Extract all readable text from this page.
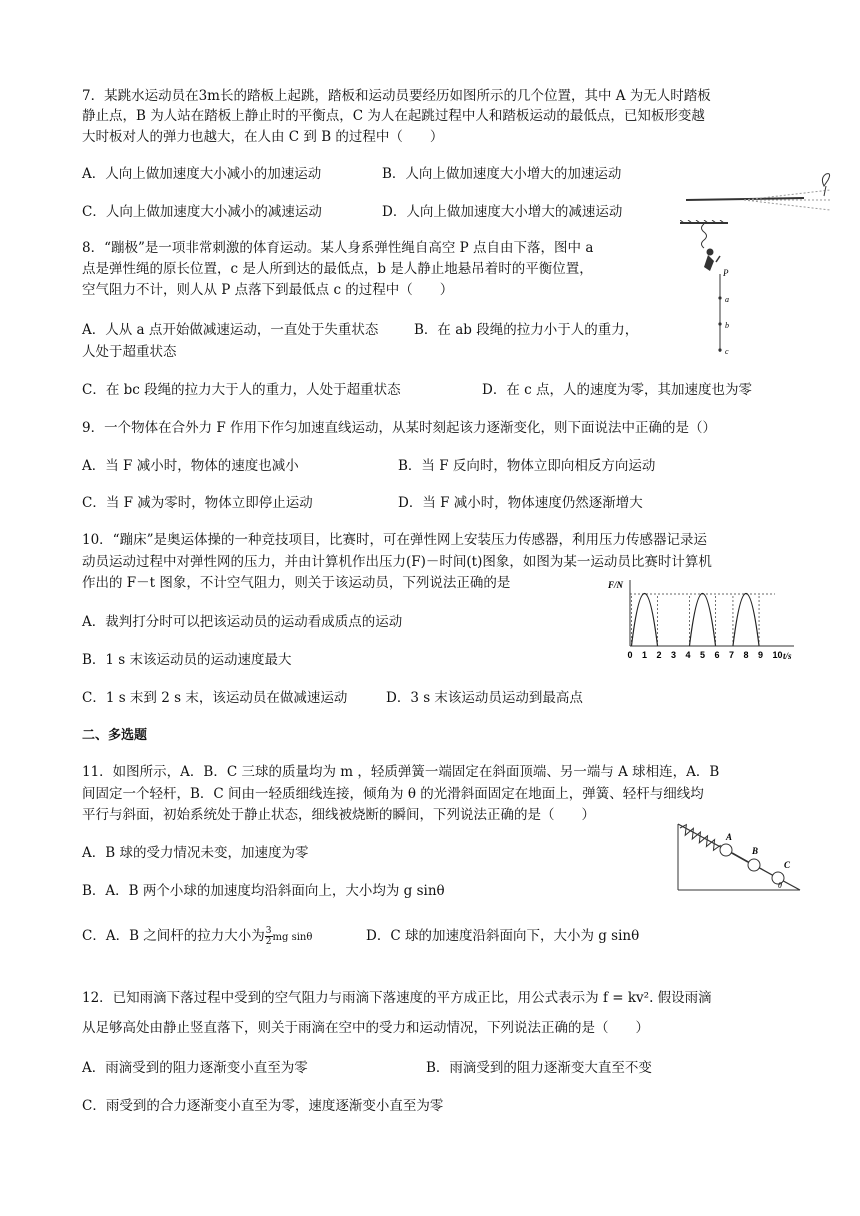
7．某跳水运动员在3m长的踏板上起跳，踏板和运动员要经历如图所示的几个位置，其中 A 为无人时踏板
静止点，B 为人站在踏板上静止时的平衡点，C 为人在起跳过程中人和踏板运动的最低点，已知板形变越
大时板对人的弹力也越大，在人由 C 到 B 的过程中（　　）
A．人向上做加速度大小减小的加速运动	B．人向上做加速度大小增大的加速运动
C．人向上做加速度大小减小的减速运动	D．人向上做加速度大小增大的减速运动
8．“蹦极”是一项非常刺激的体育运动。某人身系弹性绳自高空 P 点自由下落，图中 a
点是弹性绳的原长位置，c 是人所到达的最低点，b 是人静止地悬吊着时的平衡位置，
空气阻力不计，则人从 P 点落下到最低点 c 的过程中（　　）
A．人从 a 点开始做减速运动，一直处于失重状态	B．在 ab 段绳的拉力小于人的重力，
人处于超重状态
C．在 bc 段绳的拉力大于人的重力，人处于超重状态	D．在 c 点，人的速度为零，其加速度也为零
P
a
b
c
9．一个物体在合外力 F 作用下作匀加速直线运动，从某时刻起该力逐渐变化，则下面说法中正确的是（）
A．当 F 减小时，物体的速度也减小	B．当 F 反向时，物体立即向相反方向运动
C．当 F 减为零时，物体立即停止运动	D．当 F 减小时，物体速度仍然逐渐增大
10．“蹦床”是奥运体操的一种竞技项目，比赛时，可在弹性网上安装压力传感器，利用压力传感器记录运
动员运动过程中对弹性网的压力，并由计算机作出压力(F)－时间(t)图象，如图为某一运动员比赛时计算机
作出的 F－t 图象，不计空气阻力，则关于该运动员，下列说法正确的是
A．裁判打分时可以把该运动员的运动看成质点的运动
B．1 s 末该运动员的运动速度最大
C．1 s 末到 2 s 末，该运动员在做减速运动	D．3 s 末该运动员运动到最高点
0 1 2 3 4 5 6 7 8 9 10
F/N
t/s
二、多选题
11．如图所示，A．B．C 三球的质量均为 m ，轻质弹簧一端固定在斜面顶端、另一端与 A 球相连，A．B
间固定一个轻杆，B．C 间由一轻质细线连接，倾角为 θ 的光滑斜面固定在地面上，弹簧、轻杆与细线均
平行与斜面，初始系统处于静止状态，细线被烧断的瞬间，下列说法正确的是（　　）
A．B 球的受力情况未变，加速度为零
B．A．B 两个小球的加速度均沿斜面向上，大小均为 g sinθ
C．A．B 之间杆的拉力大小为 $\frac{3}{2}$ mg sinθ	D．C 球的加速度沿斜面向下，大小为 g sinθ
A
B
C
θ
12．已知雨滴下落过程中受到的空气阻力与雨滴下落速度的平方成正比，用公式表示为 f = kv². 假设雨滴
从足够高处由静止竖直落下，则关于雨滴在空中的受力和运动情况，下列说法正确的是（　　）
A．雨滴受到的阻力逐渐变小直至为零	B．雨滴受到的阻力逐渐变大直至不变
C．雨受到的合力逐渐变小直至为零，速度逐渐变小直至为零
